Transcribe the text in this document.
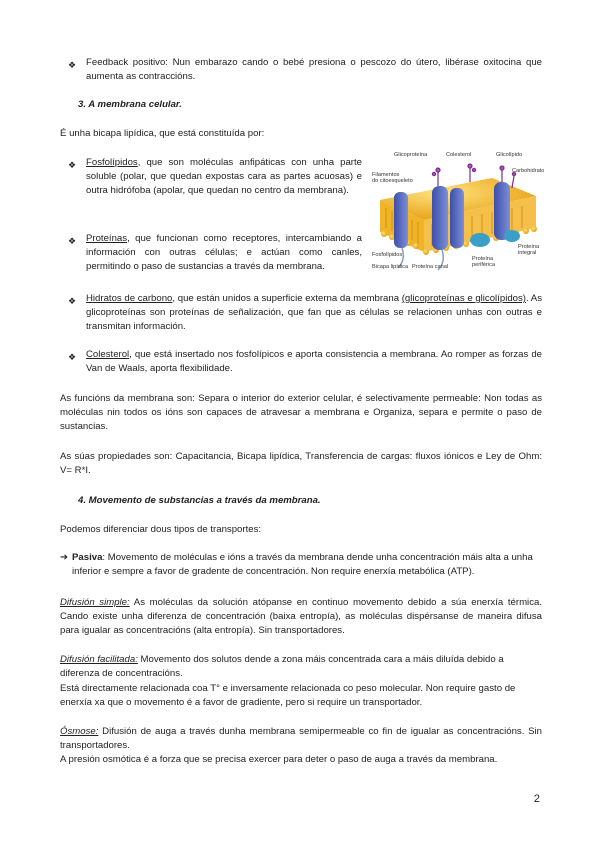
❖ Feedback positivo: Nun embarazo cando o bebé presiona o pescozo do útero, libérase oxitocina que aumenta as contraccións.
3. A membrana celular.
É unha bicapa lipídica, que está constituída por:
❖ Fosfolípidos, que son moléculas anfipáticas con unha parte soluble (polar, que quedan expostas cara as partes acuosas) e outra hidrófoba (apolar, que quedan no centro da membrana).
❖ Proteínas, que funcionan como receptores, intercambiando a información con outras células; e actúan como canles, permitindo o paso de sustancias a través da membrana.
Glicoproteína	Colesterol	Glicolípido
Filamentos
do citoesqueleto
Carbohidrato
Fosfolípidos
Bicapa lipídica Proteína canal
Proteína
periférica
Proteína
integral
❖ Hidratos de carbono, que están unidos a superficie externa da membrana (glicoproteínas e glicolípidos). As glicoproteínas son proteínas de señalización, que fan que as células se relacionen unhas con outras e transmitan información.
❖ Colesterol, que está insertado nos fosfolípicos e aporta consistencia a membrana. Ao romper as forzas de Van de Waals, aporta flexibilidade.
As funcións da membrana son: Separa o interior do exterior celular, é selectivamente permeable: Non todas as moléculas nin todos os ións son capaces de atravesar a membrana e Organiza, separa e permite o paso de sustancias.
As súas propiedades son: Capacitancia, Bicapa lipídica, Transferencia de cargas: fluxos iónicos e Ley de Ohm: V= R*I.
4. Movemento de substancias a través da membrana.
Podemos diferenciar dous tipos de transportes:
➔ Pasiva: Movemento de moléculas e ións a través da membrana dende unha concentración máis alta a unha inferior e sempre a favor de gradente de concentración. Non require enerxía metabólica (ATP).
Difusión simple: As moléculas da solución atópanse en continuo movemento debido a súa enerxía térmica. Cando existe unha diferenza de concentración (baixa entropía), as moléculas dispérsanse de maneira difusa para igualar as concentracións (alta entropía). Sin transportadores.
Difusión facilitada: Movemento dos solutos dende a zona máis concentrada cara a máis diluída debido a diferenza de concentracións.
Está directamente relacionada coa T° e inversamente relacionada co peso molecular. Non require gasto de enerxía xa que o movemento é a favor de gradiente, pero si require un transportador.
Ósmose: Difusión de auga a través dunha membrana semipermeable co fin de igualar as concentracións. Sin transportadores.
A presión osmótica é a forza que se precisa exercer para deter o paso de auga a través da membrana.
2
